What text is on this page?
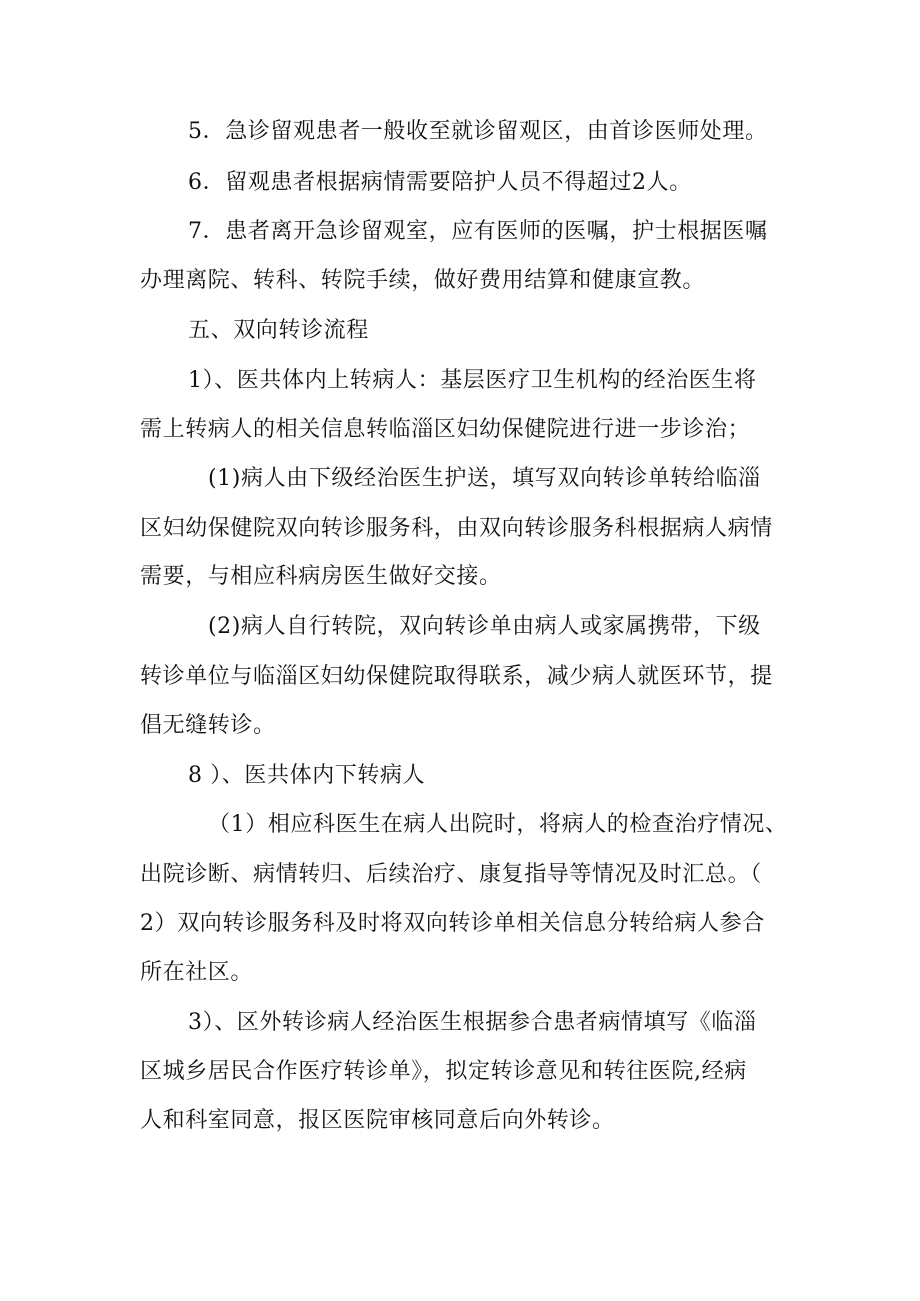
5．急诊留观患者一般收至就诊留观区，由首诊医师处理。
6．留观患者根据病情需要陪护人员不得超过2人。
7．患者离开急诊留观室，应有医师的医嘱，护士根据医嘱
办理离院、转科、转院手续，做好费用结算和健康宣教。
五、双向转诊流程
1）、医共体内上转病人：基层医疗卫生机构的经治医生将
需上转病人的相关信息转临淄区妇幼保健院进行进一步诊治；
(1)病人由下级经治医生护送，填写双向转诊单转给临淄
区妇幼保健院双向转诊服务科，由双向转诊服务科根据病人病情
需要，与相应科病房医生做好交接。
(2)病人自行转院，双向转诊单由病人或家属携带，下级
转诊单位与临淄区妇幼保健院取得联系，减少病人就医环节，提
倡无缝转诊。
8 ）、医共体内下转病人
（1）相应科医生在病人出院时，将病人的检查治疗情况、
出院诊断、病情转归、后续治疗、康复指导等情况及时汇总。（
2）双向转诊服务科及时将双向转诊单相关信息分转给病人参合
所在社区。
3）、区外转诊病人经治医生根据参合患者病情填写《临淄
区城乡居民合作医疗转诊单》，拟定转诊意见和转往医院,经病
人和科室同意，报区医院审核同意后向外转诊。
